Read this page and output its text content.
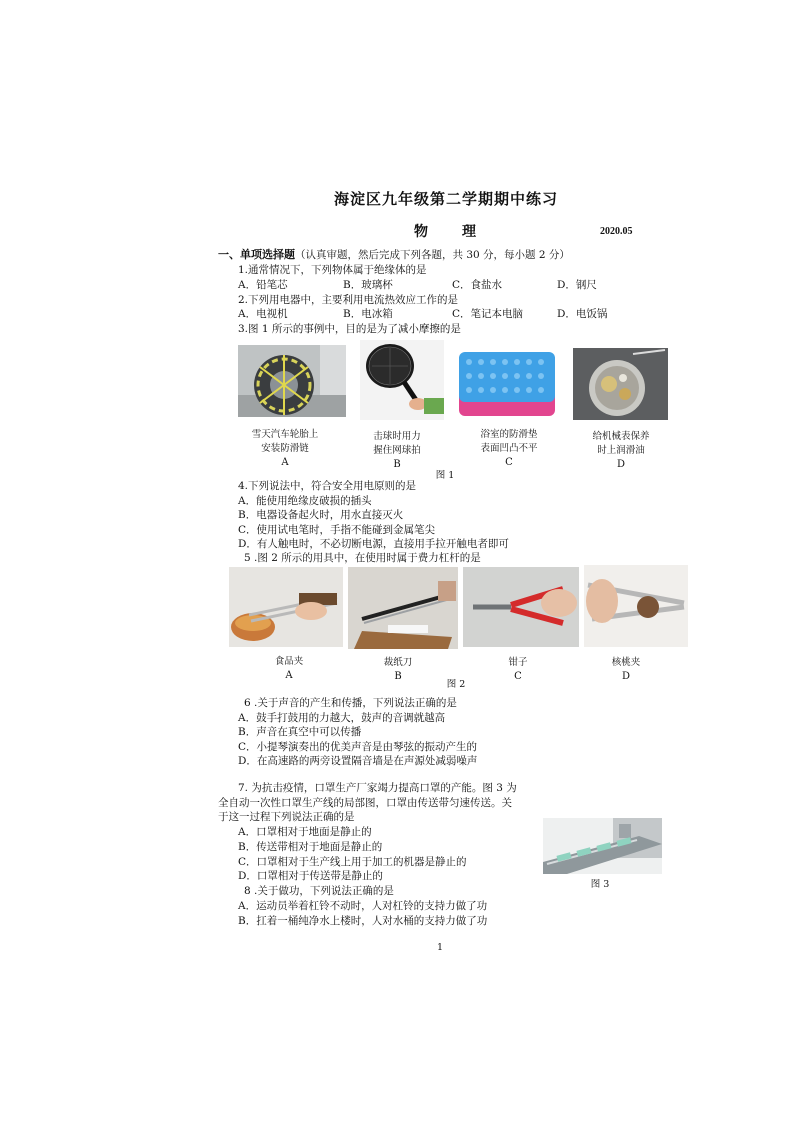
海淀区九年级第二学期期中练习
物　理	2020.05
一、单项选择题（认真审题，然后完成下列各题，共 30 分，每小题 2 分）
1.通常情况下，下列物体属于绝缘体的是
A．铅笔芯	B．玻璃杯	C．食盐水	D．钢尺
2.下列用电器中，主要利用电流热效应工作的是
A．电视机	B．电冰箱	C．笔记本电脑	D．电饭锅
3.图 1 所示的事例中，目的是为了减小摩擦的是
雪天汽车轮胎上
安装防滑链
A
击球时用力
握住网球拍
B
浴室的防滑垫
表面凹凸不平
C
给机械表保养
时上润滑油
D
图 1
4.下列说法中，符合安全用电原则的是
A．能使用绝缘皮破损的插头
B．电器设备起火时，用水直接灭火
C．使用试电笔时，手指不能碰到金属笔尖
D．有人触电时，不必切断电源，直接用手拉开触电者即可
5 .图 2 所示的用具中，在使用时属于费力杠杆的是
食品夹
A
裁纸刀
B
钳子
C
核桃夹
D
图 2
6 .关于声音的产生和传播，下列说法正确的是
A．鼓手打鼓用的力越大，鼓声的音调就越高
B．声音在真空中可以传播
C．小提琴演奏出的优美声音是由琴弦的振动产生的
D．在高速路的两旁设置隔音墙是在声源处减弱噪声
7. 为抗击疫情，口罩生产厂家竭力提高口罩的产能。图 3 为
全自动一次性口罩生产线的局部图，口罩由传送带匀速传送。关
于这一过程下列说法正确的是
A．口罩相对于地面是静止的
B．传送带相对于地面是静止的
C．口罩相对于生产线上用于加工的机器是静止的
D．口罩相对于传送带是静止的
图 3
8 .关于做功，下列说法正确的是
A．运动员举着杠铃不动时，人对杠铃的支持力做了功
B．扛着一桶纯净水上楼时，人对水桶的支持力做了功
1
